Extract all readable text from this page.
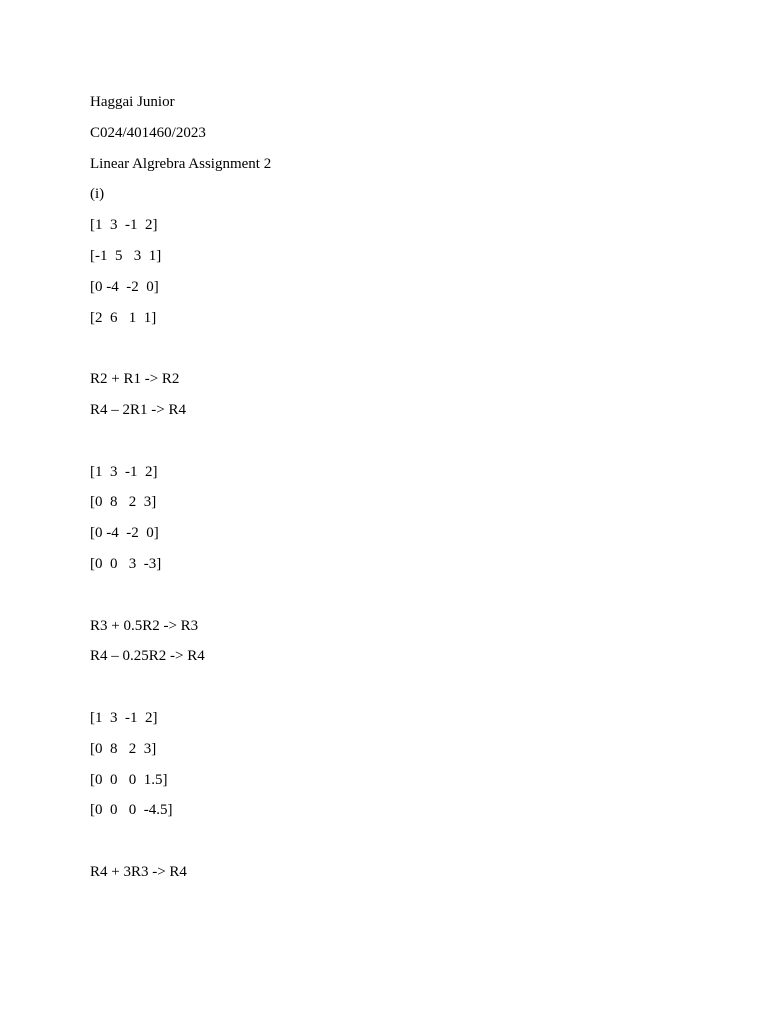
Haggai Junior
C024/401460/2023
Linear Algrebra Assignment 2
(i)
[1  3  -1  2]
[-1  5   3  1]
[0 -4  -2  0]
[2  6   1  1]
R2 + R1 -> R2
R4 – 2R1 -> R4
[1  3  -1  2]
[0  8   2  3]
[0 -4  -2  0]
[0  0   3  -3]
R3 + 0.5R2 -> R3
R4 – 0.25R2 -> R4
[1  3  -1  2]
[0  8   2  3]
[0  0   0  1.5]
[0  0   0  -4.5]
R4 + 3R3 -> R4
